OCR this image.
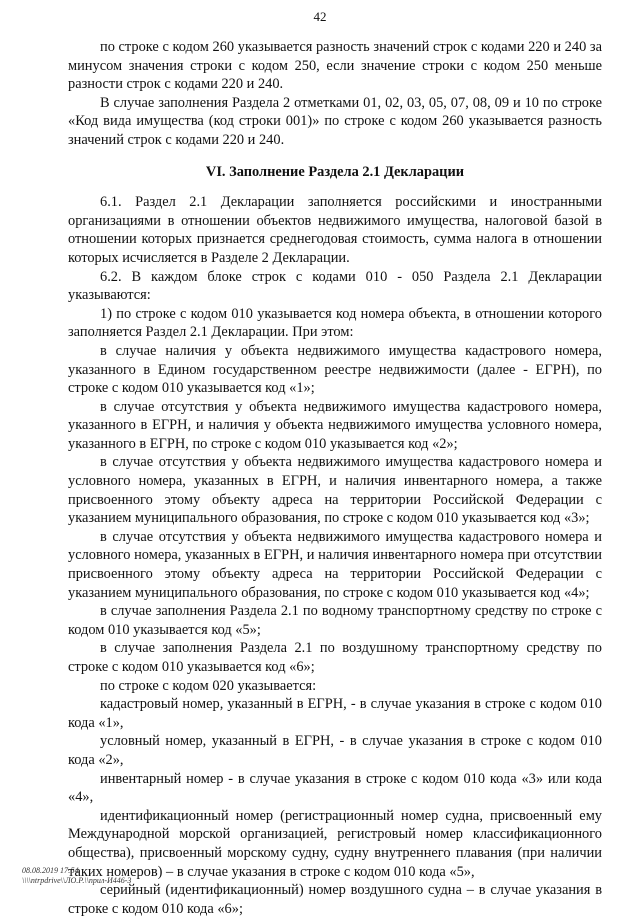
42

по строке с кодом 260 указывается разность значений строк с кодами 220 и 240 за минусом значения строки с кодом 250, если значение строки с кодом 250 меньше разности строк с кодами 220 и 240.

В случае заполнения Раздела 2 отметками 01, 02, 03, 05, 07, 08, 09 и 10 по строке «Код вида имущества (код строки 001)» по строке с кодом 260 указывается разность значений строк с кодами 220 и 240.

VI. Заполнение Раздела 2.1 Декларации

6.1. Раздел 2.1 Декларации заполняется российскими и иностранными организациями в отношении объектов недвижимого имущества, налоговой базой в отношении которых признается среднегодовая стоимость, сумма налога в отношении которых исчисляется в Разделе 2 Декларации.

6.2. В каждом блоке строк с кодами 010 - 050 Раздела 2.1 Декларации указываются:

1) по строке с кодом 010 указывается код номера объекта, в отношении которого заполняется Раздел 2.1 Декларации. При этом:

в случае наличия у объекта недвижимого имущества кадастрового номера, указанного в Едином государственном реестре недвижимости (далее - ЕГРН), по строке с кодом 010 указывается код «1»;

в случае отсутствия у объекта недвижимого имущества кадастрового номера, указанного в ЕГРН, и наличия у объекта недвижимого имущества условного номера, указанного в ЕГРН, по строке с кодом 010 указывается код «2»;

в случае отсутствия у объекта недвижимого имущества кадастрового номера и условного номера, указанных в ЕГРН, и наличия инвентарного номера, а также присвоенного этому объекту адреса на территории Российской Федерации с указанием муниципального образования, по строке с кодом 010 указывается код «3»;

в случае отсутствия у объекта недвижимого имущества кадастрового номера и условного номера, указанных в ЕГРН, и наличия инвентарного номера при отсутствии присвоенного этому объекту адреса на территории Российской Федерации с указанием муниципального образования, по строке с кодом 010 указывается код «4»;

в случае заполнения Раздела 2.1 по водному транспортному средству по строке с кодом 010 указывается код «5»;

в случае заполнения Раздела 2.1 по воздушному транспортному средству по строке с кодом 010 указывается код «6»;

по строке с кодом 020 указывается:

кадастровый номер, указанный в ЕГРН, - в случае указания в строке с кодом 010 кода «1»,

условный номер, указанный в ЕГРН, - в случае указания в строке с кодом 010 кода «2»,

инвентарный номер - в случае указания в строке с кодом 010 кода «3» или кода «4»,

идентификационный номер (регистрационный номер судна, присвоенный ему Международной морской организацией, регистровый номер классификационного общества), присвоенный морскому судну, судну внутреннего плавания (при наличии таких номеров) – в случае указания в строке с кодом 010 кода «5»,

серийный (идентификационный) номер воздушного судна – в случае указания в строке с кодом 010 кода «6»;

08.08.2019 17:54
\\\\ntrpdrive\\ЛО.Р.\\прил-И446-3
